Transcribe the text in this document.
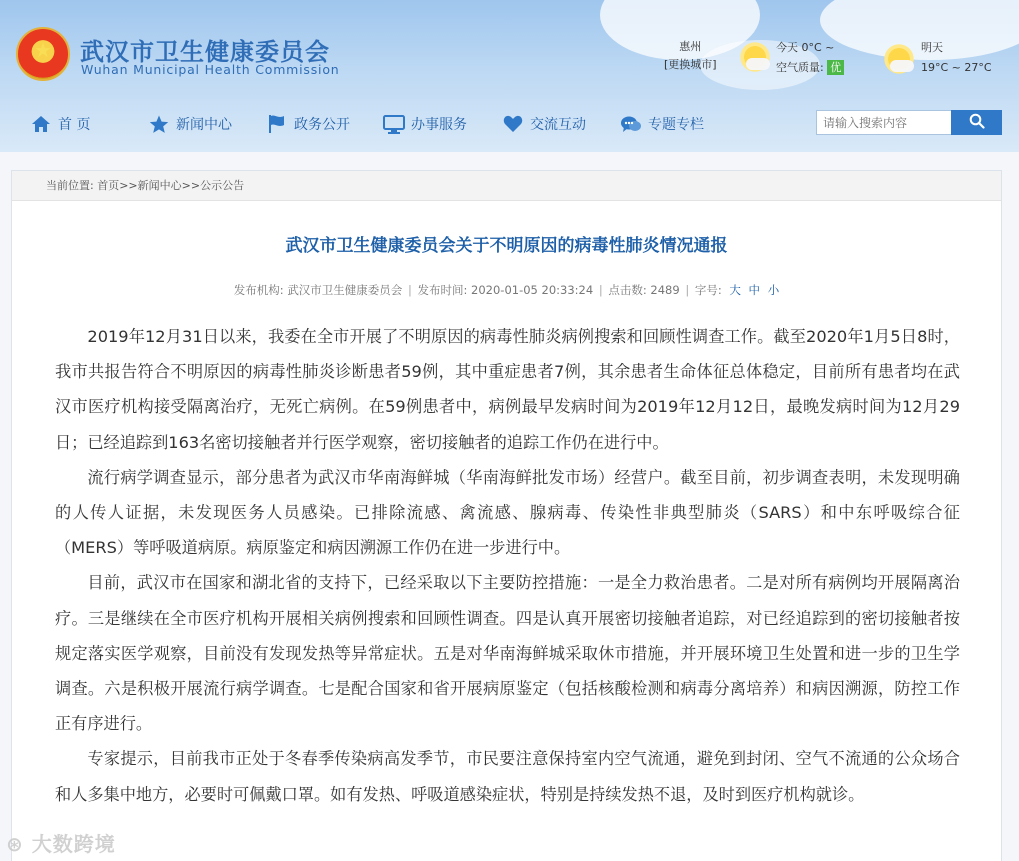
★
武汉市卫生健康委员会
Wuhan Municipal Health Commission
惠州
[更换城市]
今天 0°C ~
空气质量: 优
明天
19°C ~ 27°C
首 页	新闻中心	政务公开	办事服务	交流互动	专题专栏
请输入搜索内容
当前位置: 首页>>新闻中心>>公示公告
武汉市卫生健康委员会关于不明原因的病毒性肺炎情况通报
发布机构: 武汉市卫生健康委员会 | 发布时间: 2020-01-05 20:33:24 | 点击数: 2489 | 字号: 大 中 小

2019年12月31日以来，我委在全市开展了不明原因的病毒性肺炎病例搜索和回顾性调查工作。截至2020年1月5日8时，我市共报告符合不明原因的病毒性肺炎诊断患者59例，其中重症患者7例，其余患者生命体征总体稳定，目前所有患者均在武汉市医疗机构接受隔离治疗，无死亡病例。在59例患者中，病例最早发病时间为2019年12月12日，最晚发病时间为12月29日；已经追踪到163名密切接触者并行医学观察，密切接触者的追踪工作仍在进行中。

流行病学调查显示，部分患者为武汉市华南海鲜城（华南海鲜批发市场）经营户。截至目前，初步调查表明，未发现明确的人传人证据，未发现医务人员感染。已排除流感、禽流感、腺病毒、传染性非典型肺炎（SARS）和中东呼吸综合征（MERS）等呼吸道病原。病原鉴定和病因溯源工作仍在进一步进行中。

目前，武汉市在国家和湖北省的支持下，已经采取以下主要防控措施：一是全力救治患者。二是对所有病例均开展隔离治疗。三是继续在全市医疗机构开展相关病例搜索和回顾性调查。四是认真开展密切接触者追踪，对已经追踪到的密切接触者按规定落实医学观察，目前没有发现发热等异常症状。五是对华南海鲜城采取休市措施，并开展环境卫生处置和进一步的卫生学调查。六是积极开展流行病学调查。七是配合国家和省开展病原鉴定（包括核酸检测和病毒分离培养）和病因溯源，防控工作正有序进行。

专家提示，目前我市正处于冬春季传染病高发季节，市民要注意保持室内空气流通，避免到封闭、空气不流通的公众场合和人多集中地方，必要时可佩戴口罩。如有发热、呼吸道感染症状，特别是持续发热不退，及时到医疗机构就诊。

⊛ 大数跨境
